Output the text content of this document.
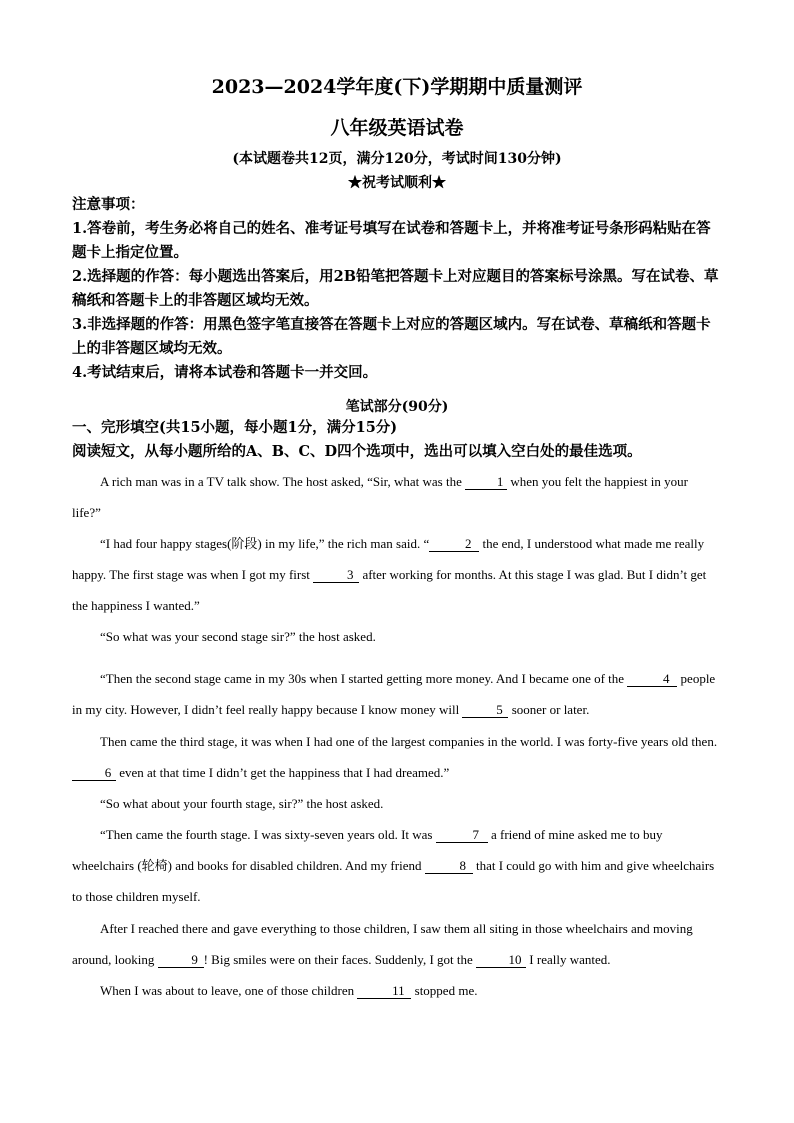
2023—2024学年度(下)学期期中质量测评
八年级英语试卷
(本试题卷共12页，满分120分，考试时间130分钟)
★祝考试顺利★
注意事项：
1.答卷前，考生务必将自己的姓名、准考证号填写在试卷和答题卡上，并将准考证号条形码粘贴在答题卡上指定位置。
2.选择题的作答：每小题选出答案后，用2B铅笔把答题卡上对应题目的答案标号涂黑。写在试卷、草稿纸和答题卡上的非答题区域均无效。
3.非选择题的作答：用黑色签字笔直接答在答题卡上对应的答题区域内。写在试卷、草稿纸和答题卡上的非答题区域均无效。
4.考试结束后，请将本试卷和答题卡一并交回。
笔试部分(90分)
一、完形填空(共15小题，每小题1分，满分15分)
阅读短文，从每小题所给的A、B、C、D四个选项中，选出可以填入空白处的最佳选项。
A rich man was in a TV talk show. The host asked, “Sir, what was the 1 when you felt the happiest in your life?”
“I had four happy stages(阶段) in my life,” the rich man said. “	2 the end, I understood what made me really happy. The first stage was when I got my first	3 after working for months. At this stage I was glad. But I didn’t get the happiness I wanted.”
“So what was your second stage sir?” the host asked.
“Then the second stage came in my 30s when I started getting more money. And I became one of the	4 people in my city. However, I didn’t feel really happy because I know money will	5 sooner or later.
Then came the third stage, it was when I had one of the largest companies in the world. I was forty-five years old then. 6 even at that time I didn’t get the happiness that I had dreamed.”
“So what about your fourth stage, sir?” the host asked.
“Then came the fourth stage. I was sixty-seven years old. It was	7 a friend of mine asked me to buy wheelchairs (轮椅) and books for disabled children. And my friend	8 that I could go with him and give wheelchairs to those children myself.
After I reached there and gave everything to those children, I saw them all siting in those wheelchairs and moving around, looking	9 ! Big smiles were on their faces. Suddenly, I got the	10 I really wanted.
When I was about to leave, one of those children	11 stopped me.
